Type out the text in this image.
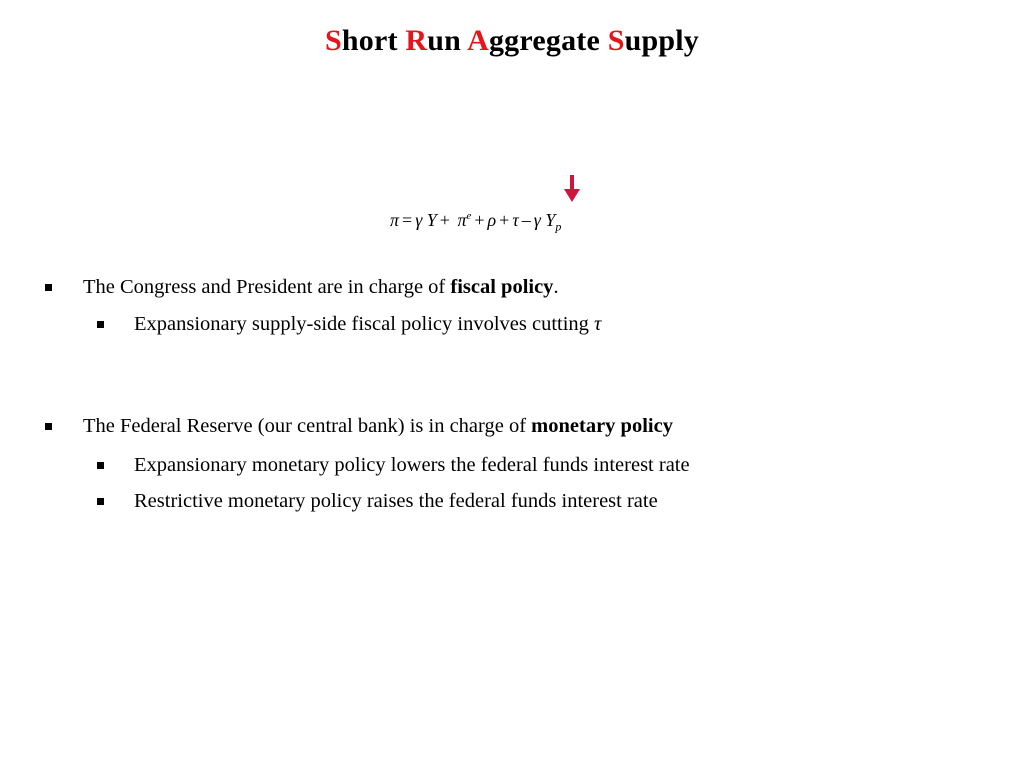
Short Run Aggregate Supply
π = γ $Y + \pi^e + \rho + \tau - \gamma$ $Y_p$
The Congress and President are in charge of fiscal policy.
Expansionary supply-side fiscal policy involves cutting τ
The Federal Reserve (our central bank) is in charge of monetary policy
Expansionary monetary policy lowers the federal funds interest rate
Restrictive monetary policy raises the federal funds interest rate
